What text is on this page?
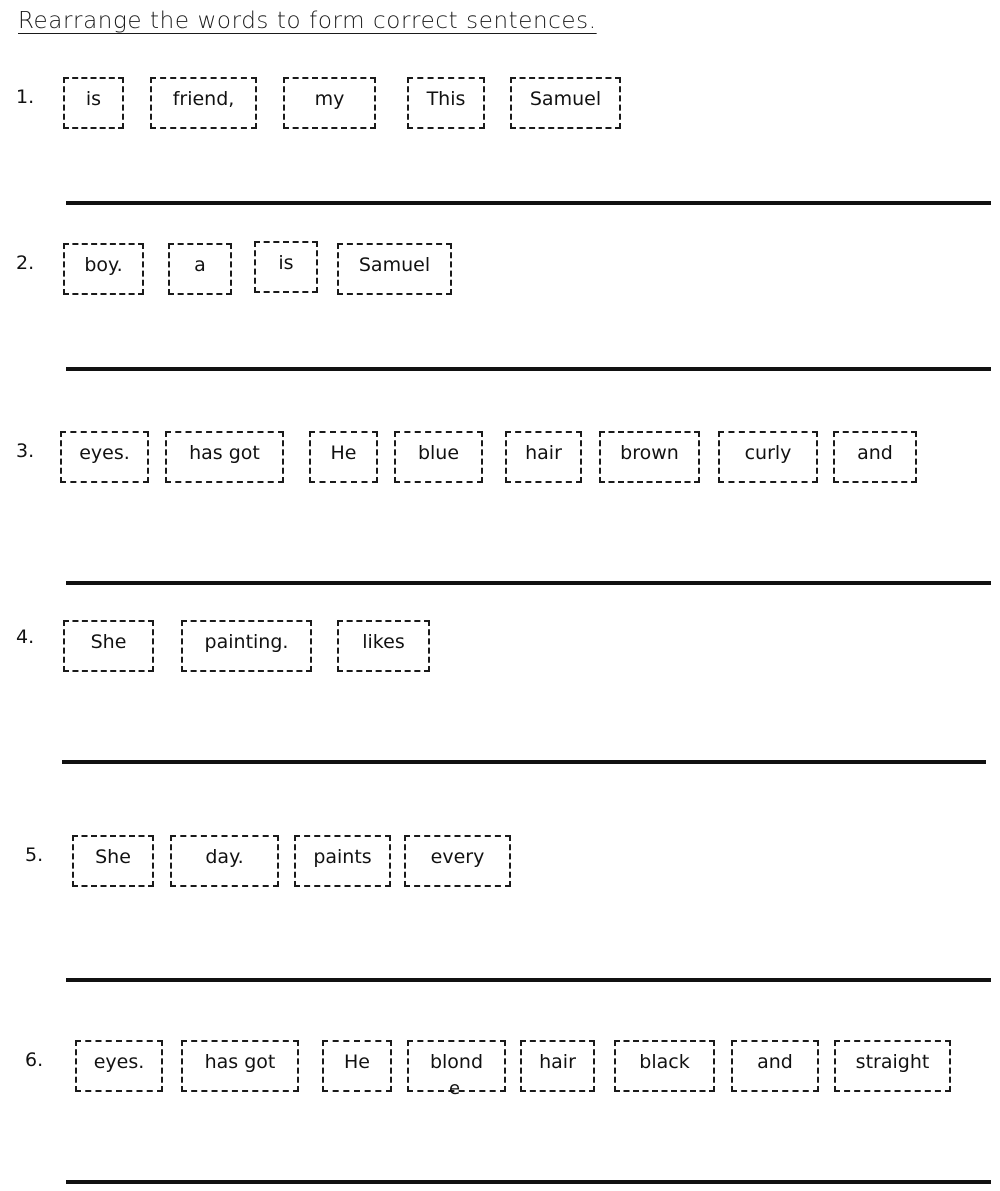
Rearrange the words to form correct sentences.
1.	is	friend,	my	This	Samuel
2.	boy.	a	is	Samuel
3.	eyes.	has got	He	blue	hair	brown	curly	and
4.	She	painting.	likes
5.	She	day.	paints	every
6.	eyes.	has got	He	blond
e
hair	black	and	straight
